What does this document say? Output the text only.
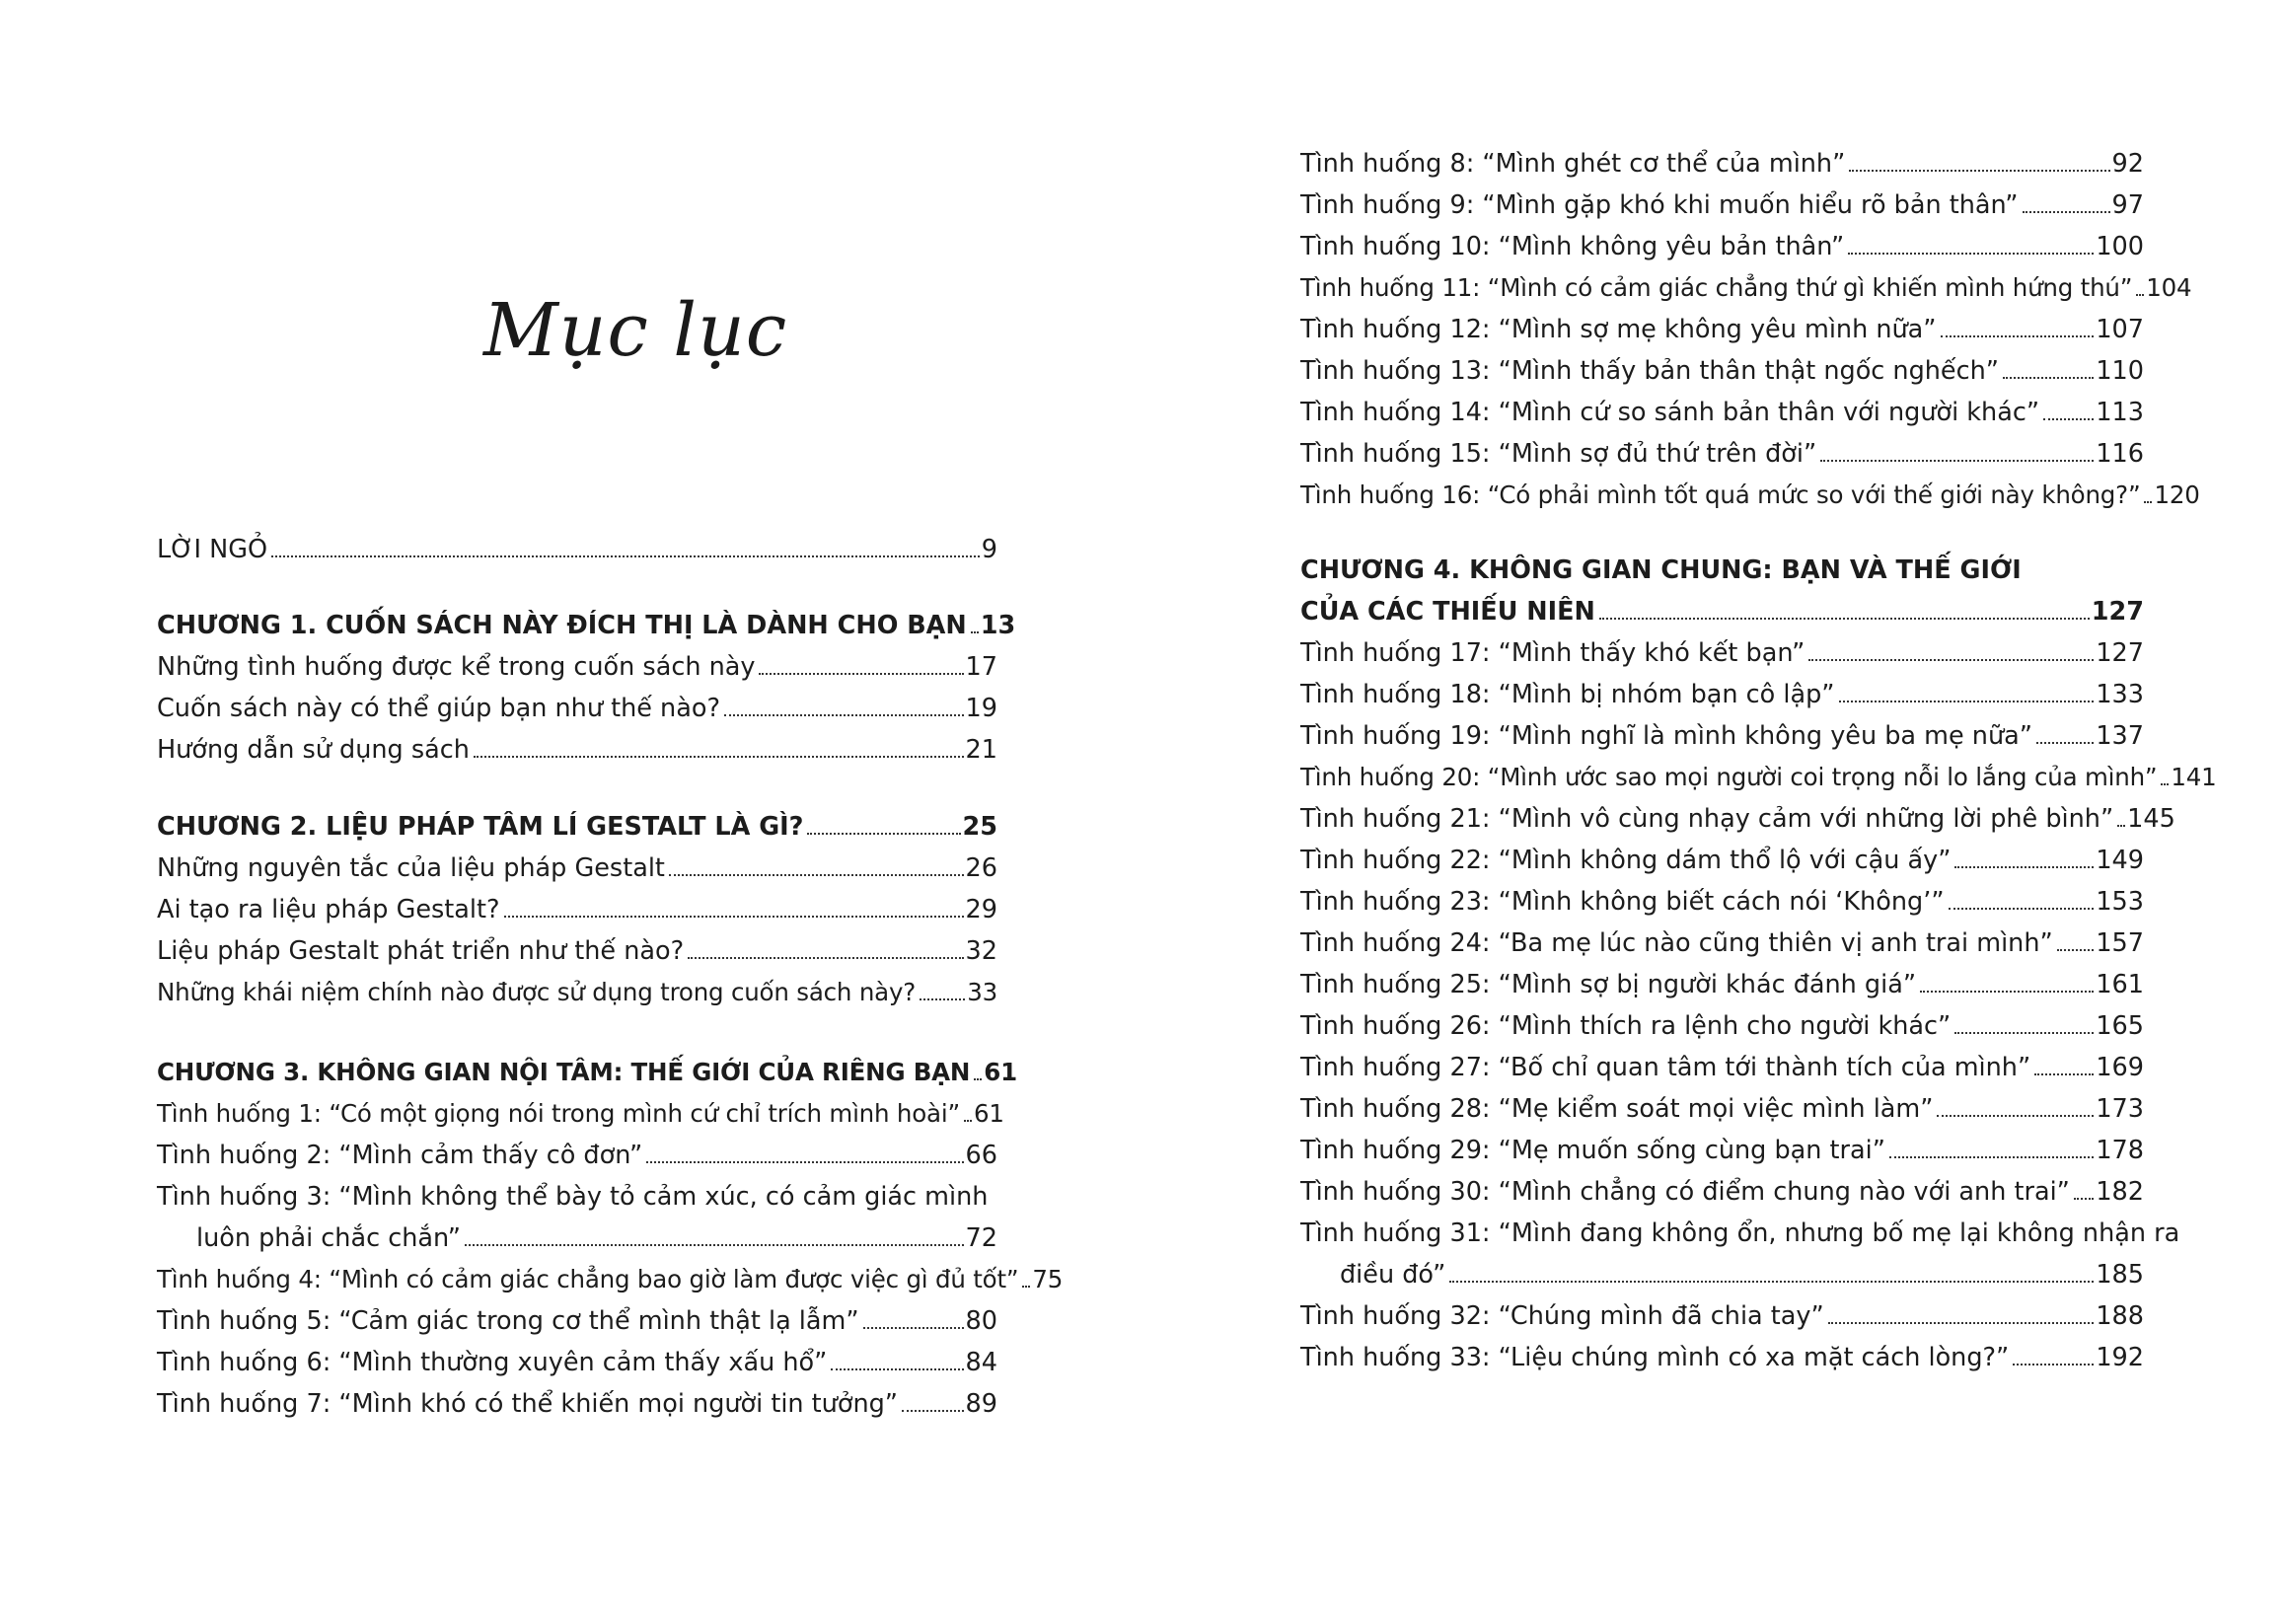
Mục lục
LỜI NGỎ	9
CHƯƠNG 1. CUỐN SÁCH NÀY ĐÍCH THỊ LÀ DÀNH CHO BẠN 13
Những tình huống được kể trong cuốn sách này	17
Cuốn sách này có thể giúp bạn như thế nào?	19
Hướng dẫn sử dụng sách	21
CHƯƠNG 2. LIỆU PHÁP TÂM LÍ GESTALT LÀ GÌ?	25
Những nguyên tắc của liệu pháp Gestalt	26
Ai tạo ra liệu pháp Gestalt?	29
Liệu pháp Gestalt phát triển như thế nào?	32
Những khái niệm chính nào được sử dụng trong cuốn sách này? 33
CHƯƠNG 3. KHÔNG GIAN NỘI TÂM: THẾ GIỚI CỦA RIÊNG BẠN 61
Tình huống 1: “Có một giọng nói trong mình cứ chỉ trích mình hoài” 61
Tình huống 2: “Mình cảm thấy cô đơn”	66
Tình huống 3: “Mình không thể bày tỏ cảm xúc, có cảm giác mình
luôn phải chắc chắn”	72
Tình huống 4: “Mình có cảm giác chẳng bao giờ làm được việc gì đủ tốt” 75
Tình huống 5: “Cảm giác trong cơ thể mình thật lạ lẫm”	80
Tình huống 6: “Mình thường xuyên cảm thấy xấu hổ”	84
Tình huống 7: “Mình khó có thể khiến mọi người tin tưởng”	89
Tình huống 8: “Mình ghét cơ thể của mình”	92
Tình huống 9: “Mình gặp khó khi muốn hiểu rõ bản thân”	97
Tình huống 10: “Mình không yêu bản thân”	100
Tình huống 11: “Mình có cảm giác chẳng thứ gì khiến mình hứng thú” 104
Tình huống 12: “Mình sợ mẹ không yêu mình nữa”	107
Tình huống 13: “Mình thấy bản thân thật ngốc nghếch”	110
Tình huống 14: “Mình cứ so sánh bản thân với người khác” 113
Tình huống 15: “Mình sợ đủ thứ trên đời”	116
Tình huống 16: “Có phải mình tốt quá mức so với thế giới này không?” 120
CHƯƠNG 4. KHÔNG GIAN CHUNG: BẠN VÀ THẾ GIỚI
CỦA CÁC THIẾU NIÊN	127
Tình huống 17: “Mình thấy khó kết bạn”	127
Tình huống 18: “Mình bị nhóm bạn cô lập”	133
Tình huống 19: “Mình nghĩ là mình không yêu ba mẹ nữa”	137
Tình huống 20: “Mình ước sao mọi người coi trọng nỗi lo lắng của mình” 141
Tình huống 21: “Mình vô cùng nhạy cảm với những lời phê bình” 145
Tình huống 22: “Mình không dám thổ lộ với cậu ấy”	149
Tình huống 23: “Mình không biết cách nói ‘Không’”	153
Tình huống 24: “Ba mẹ lúc nào cũng thiên vị anh trai mình” 157
Tình huống 25: “Mình sợ bị người khác đánh giá”	161
Tình huống 26: “Mình thích ra lệnh cho người khác”	165
Tình huống 27: “Bố chỉ quan tâm tới thành tích của mình”	169
Tình huống 28: “Mẹ kiểm soát mọi việc mình làm”	173
Tình huống 29: “Mẹ muốn sống cùng bạn trai”	178
Tình huống 30: “Mình chẳng có điểm chung nào với anh trai” 182
Tình huống 31: “Mình đang không ổn, nhưng bố mẹ lại không nhận ra
điều đó”	185
Tình huống 32: “Chúng mình đã chia tay”	188
Tình huống 33: “Liệu chúng mình có xa mặt cách lòng?”	192
